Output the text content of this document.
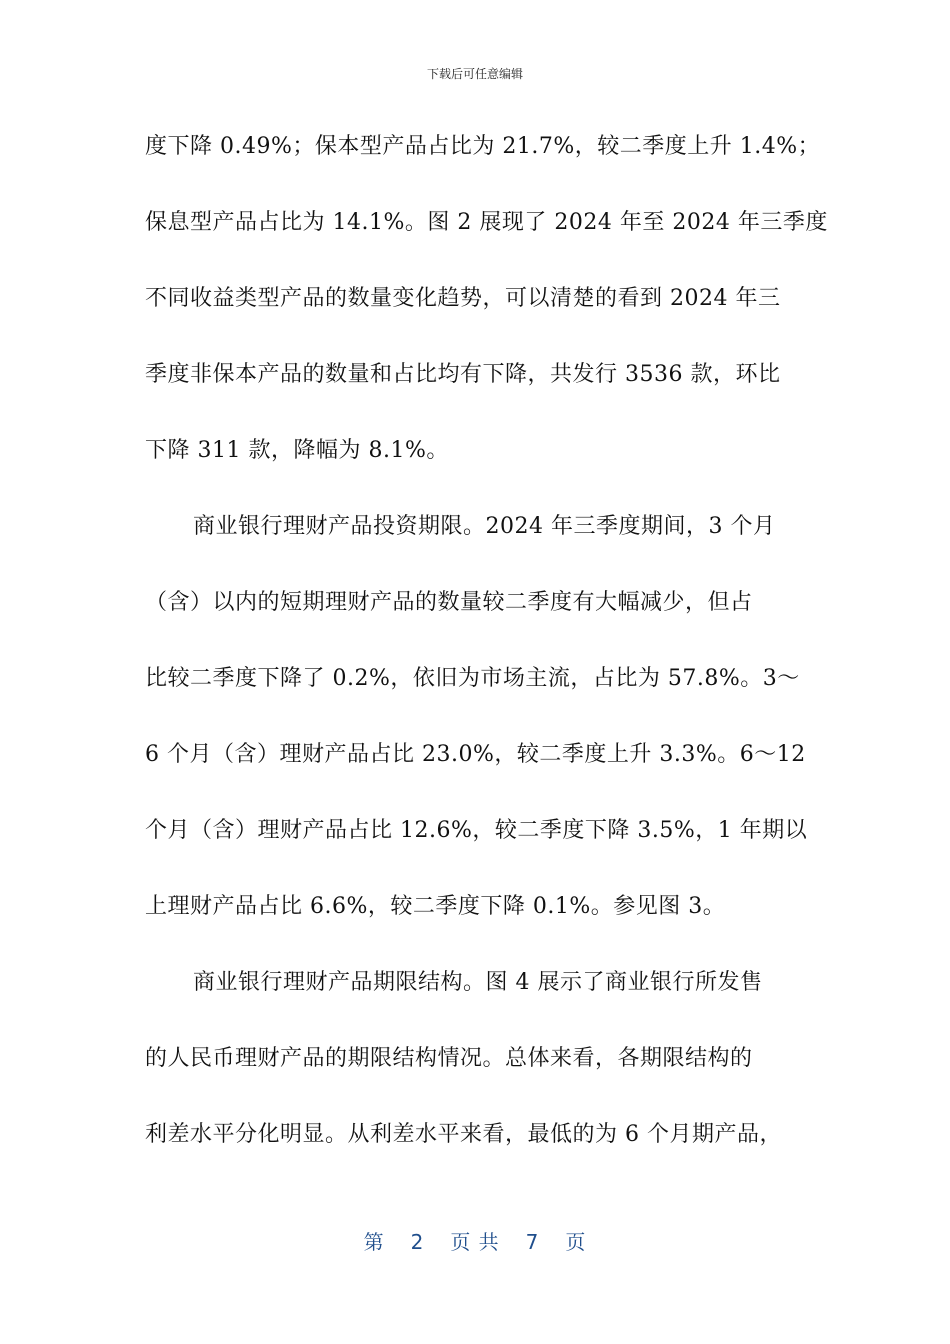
下载后可任意编辑
度下降 0.49%；保本型产品占比为 21.7%，较二季度上升 1.4%；
保息型产品占比为 14.1%。图 2 展现了 2024 年至 2024 年三季度
不同收益类型产品的数量变化趋势，可以清楚的看到 2024 年三
季度非保本产品的数量和占比均有下降，共发行 3536 款，环比
下降 311 款，降幅为 8.1%。
商业银行理财产品投资期限。2024 年三季度期间，3 个月
（含）以内的短期理财产品的数量较二季度有大幅减少，但占
比较二季度下降了 0.2%，依旧为市场主流，占比为 57.8%。3～
6 个月（含）理财产品占比 23.0%，较二季度上升 3.3%。6～12
个月（含）理财产品占比 12.6%，较二季度下降 3.5%，1 年期以
上理财产品占比 6.6%，较二季度下降 0.1%。参见图 3。
商业银行理财产品期限结构。图 4 展示了商业银行所发售
的人民币理财产品的期限结构情况。总体来看，各期限结构的
利差水平分化明显。从利差水平来看，最低的为 6 个月期产品，
第 2 页 共 7 页
